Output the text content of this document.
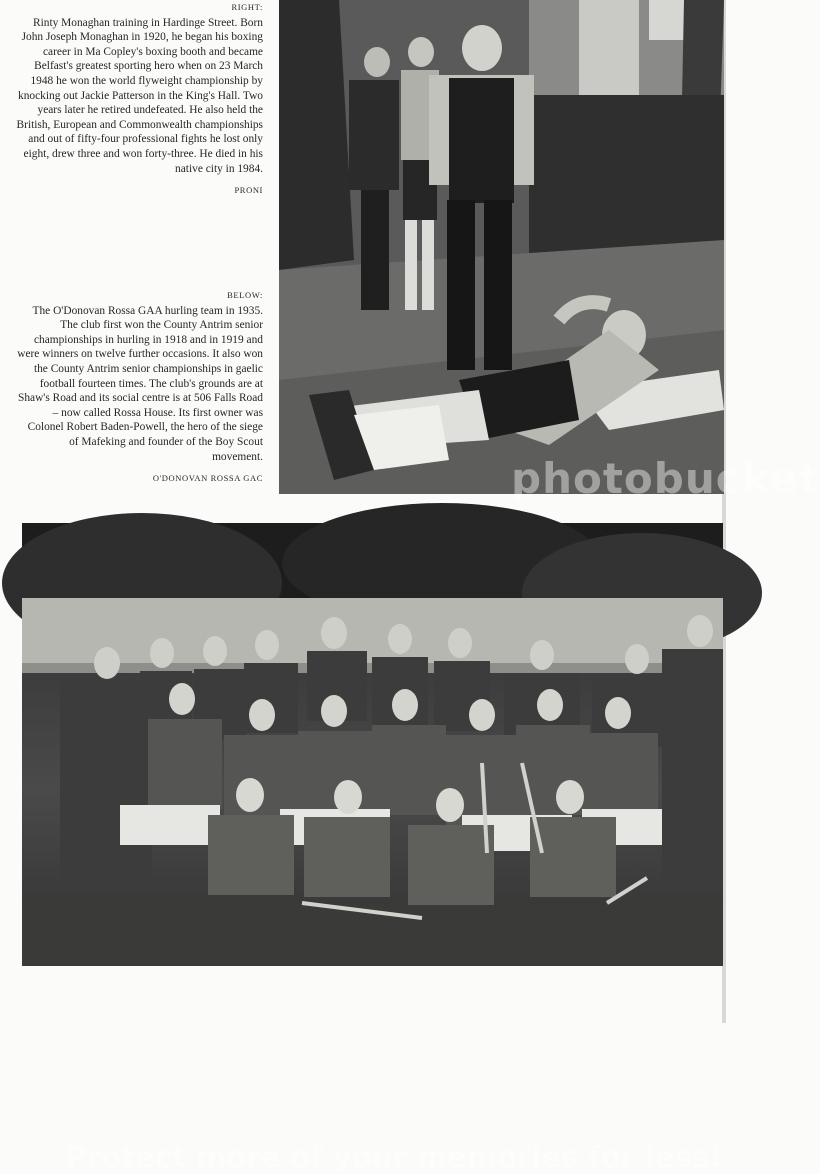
RIGHT:
Rinty Monaghan training in Hardinge Street. Born John Joseph Monaghan in 1920, he began his boxing career in Ma Copley's boxing booth and became Belfast's greatest sporting hero when on 23 March 1948 he won the world flyweight championship by knocking out Jackie Patterson in the King's Hall. Two years later he retired undefeated. He also held the British, European and Commonwealth championships and out of fifty-four professional fights he lost only eight, drew three and won forty-three. He died in his native city in 1984.
PRONI
BELOW:
The O'Donovan Rossa GAA hurling team in 1935. The club first won the County Antrim senior championships in hurling in 1918 and in 1919 and were winners on twelve further occasions. It also won the County Antrim senior championships in gaelic football fourteen times. The club's grounds are at Shaw's Road and its social centre is at 506 Falls Road – now called Rossa House. Its first owner was Colonel Robert Baden-Powell, the hero of the siege of Mafeking and founder of the Boy Scout movement.
O'DONOVAN ROSSA GAC	photobucket
Protect more of your memories for less!
